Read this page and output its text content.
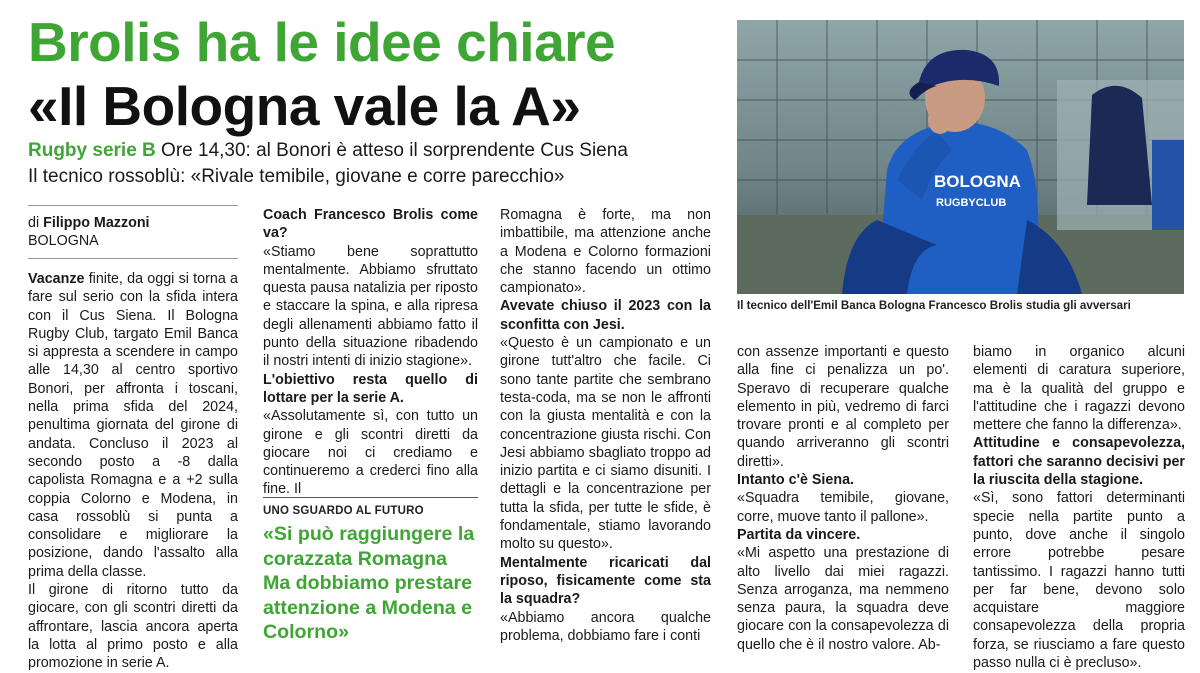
Brolis ha le idee chiare
«Il Bologna vale la A»
Rugby serie B Ore 14,30: al Bonori è atteso il sorprendente Cus Siena
Il tecnico rossoblù: «Rivale temibile, giovane e corre parecchio»
di Filippo Mazzoni
BOLOGNA

Vacanze finite, da oggi si torna a fare sul serio con la sfida intera con il Cus Siena. Il Bologna Rugby Club, targato Emil Banca si appresta a scendere in campo alle 14,30 al centro sportivo Bonori, per affronta i toscani, nella prima sfida del 2024, penultima giornata del girone di andata. Concluso il 2023 al secondo posto a -8 dalla capolista Romagna e a +2 sulla coppia Colorno e Modena, in casa rossoblù si punta a consolidare e migliorare la posizione, dando l'assalto alla prima della classe.

Il girone di ritorno tutto da giocare, con gli scontri diretti da affrontare, lascia ancora aperta la lotta al primo posto e alla promozione in serie A.

Coach Francesco Brolis come va?

«Stiamo bene soprattutto mentalmente. Abbiamo sfruttato questa pausa natalizia per riposto e staccare la spina, e alla ripresa degli allenamenti abbiamo fatto il punto della situazione ribadendo il nostri intenti di inizio stagione».

L'obiettivo resta quello di lottare per la serie A.

«Assolutamente sì, con tutto un girone e gli scontri diretti da giocare noi ci crediamo e continueremo a crederci fino alla fine. Il

UNO SGUARDO AL FUTURO
«Si può raggiungere la corazzata Romagna Ma dobbiamo prestare attenzione a Modena e Colorno»

Romagna è forte, ma non imbattibile, ma attenzione anche a Modena e Colorno formazioni che stanno facendo un ottimo campionato».

Avevate chiuso il 2023 con la sconfitta con Jesi.

«Questo è un campionato e un girone tutt'altro che facile. Ci sono tante partite che sembrano testa-coda, ma se non le affronti con la giusta mentalità e con la concentrazione giusta rischi. Con Jesi abbiamo sbagliato troppo ad inizio partita e ci siamo disuniti. I dettagli e la concentrazione per tutta la sfida, per tutte le sfide, è fondamentale, stiamo lavorando molto su questo».

Mentalmente ricaricati dal riposo, fisicamente come sta la squadra?

«Abbiamo ancora qualche problema, dobbiamo fare i conti

BOLOGNA
RUGBYCLUB
Il tecnico dell'Emil Banca Bologna Francesco Brolis studia gli avversari

con assenze importanti e questo alla fine ci penalizza un po'. Speravo di recuperare qualche elemento in più, vedremo di farci trovare pronti e al completo per quando arriveranno gli scontri diretti».

Intanto c'è Siena.

«Squadra temibile, giovane, corre, muove tanto il pallone».

Partita da vincere.

«Mi aspetto una prestazione di alto livello dai miei ragazzi. Senza arroganza, ma nemmeno senza paura, la squadra deve giocare con la consapevolezza di quello che è il nostro valore. Ab-

biamo in organico alcuni elementi di caratura superiore, ma è la qualità del gruppo e l'attitudine che i ragazzi devono mettere che fanno la differenza».

Attitudine e consapevolezza, fattori che saranno decisivi per la riuscita della stagione.

«Sì, sono fattori determinanti specie nella partite punto a punto, dove anche il singolo errore potrebbe pesare tantissimo. I ragazzi hanno tutti per far bene, devono solo acquistare maggiore consapevolezza della propria forza, se riusciamo a fare questo passo nulla ci è precluso».
